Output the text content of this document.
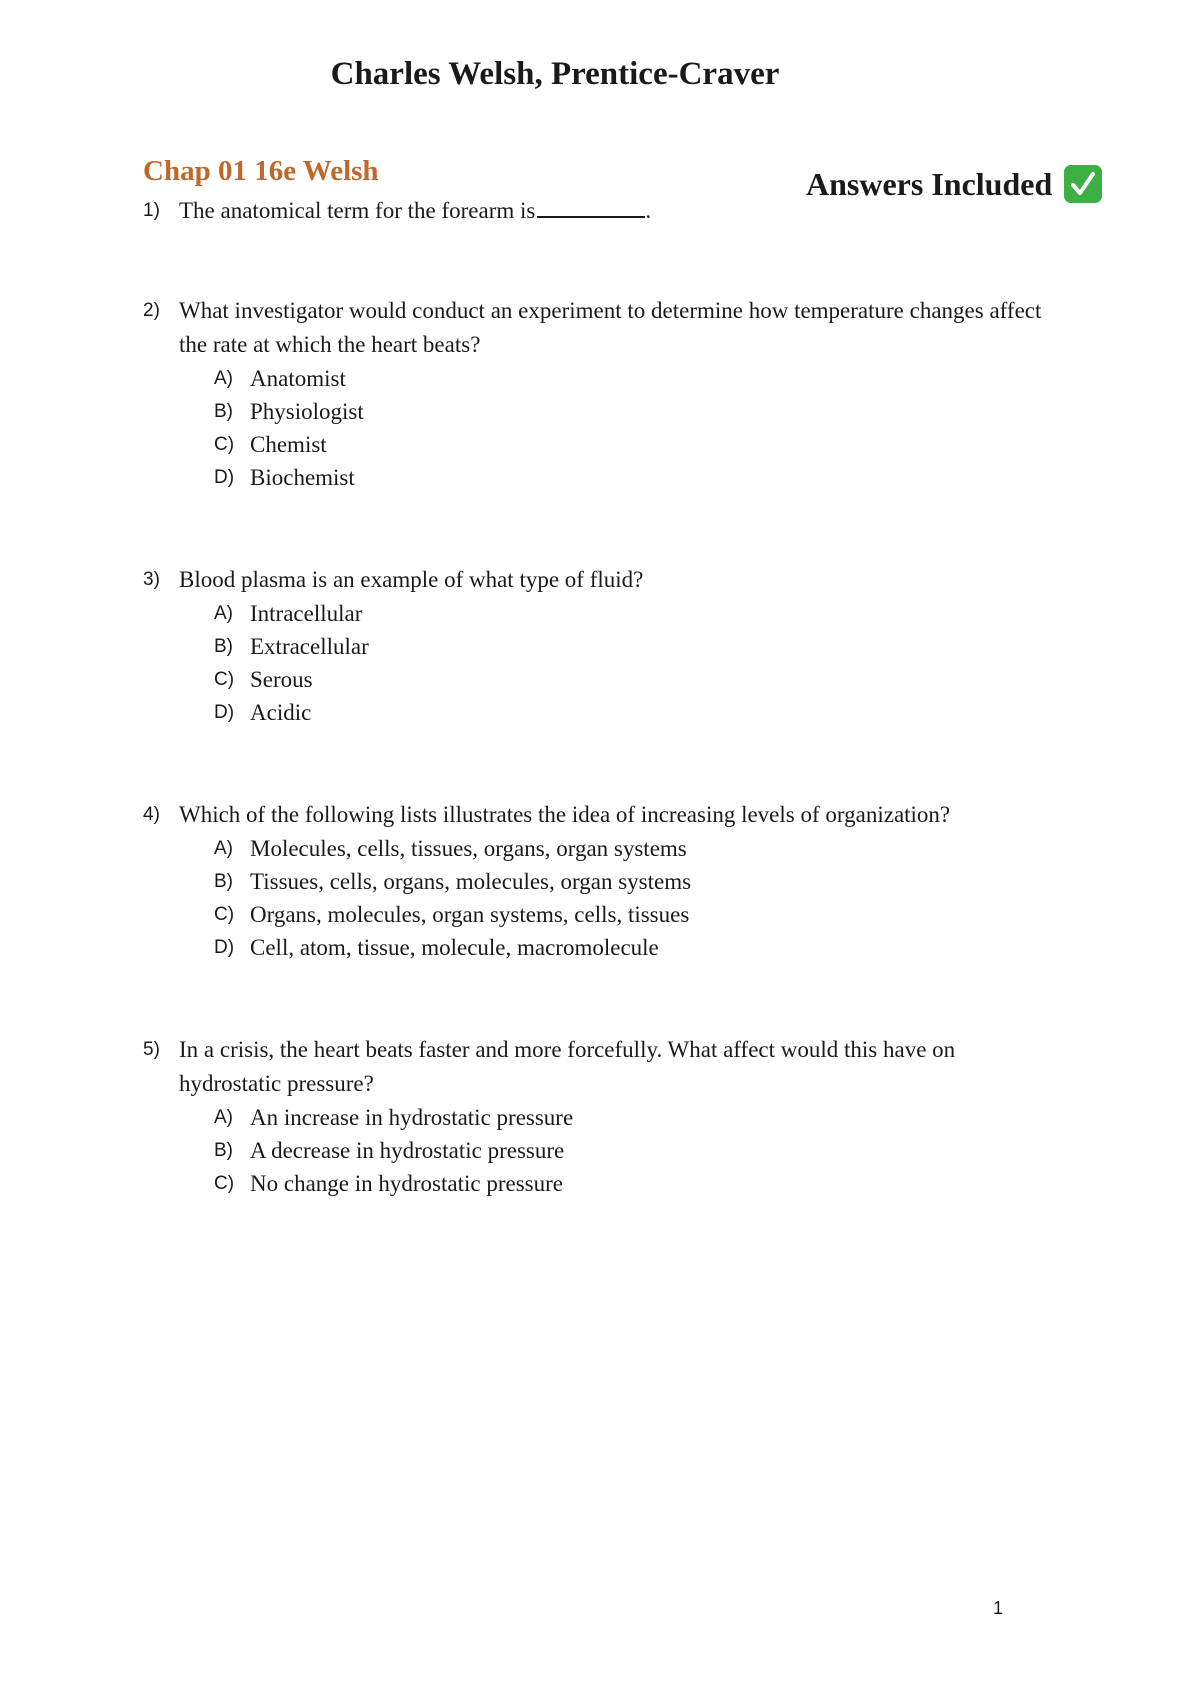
Charles Welsh, Prentice-Craver
Chap 01 16e Welsh	Answers Included
1) The anatomical term for the forearm is	.
2) What investigator would conduct an experiment to determine how temperature changes affect the rate at which the heart beats?
A) Anatomist
B) Physiologist
C) Chemist
D) Biochemist
3) Blood plasma is an example of what type of fluid?
A) Intracellular
B) Extracellular
C) Serous
D) Acidic
4) Which of the following lists illustrates the idea of increasing levels of organization?
A) Molecules, cells, tissues, organs, organ systems
B) Tissues, cells, organs, molecules, organ systems
C) Organs, molecules, organ systems, cells, tissues
D) Cell, atom, tissue, molecule, macromolecule
5) In a crisis, the heart beats faster and more forcefully. What affect would this have on hydrostatic pressure?
A) An increase in hydrostatic pressure
B) A decrease in hydrostatic pressure
C) No change in hydrostatic pressure
1
